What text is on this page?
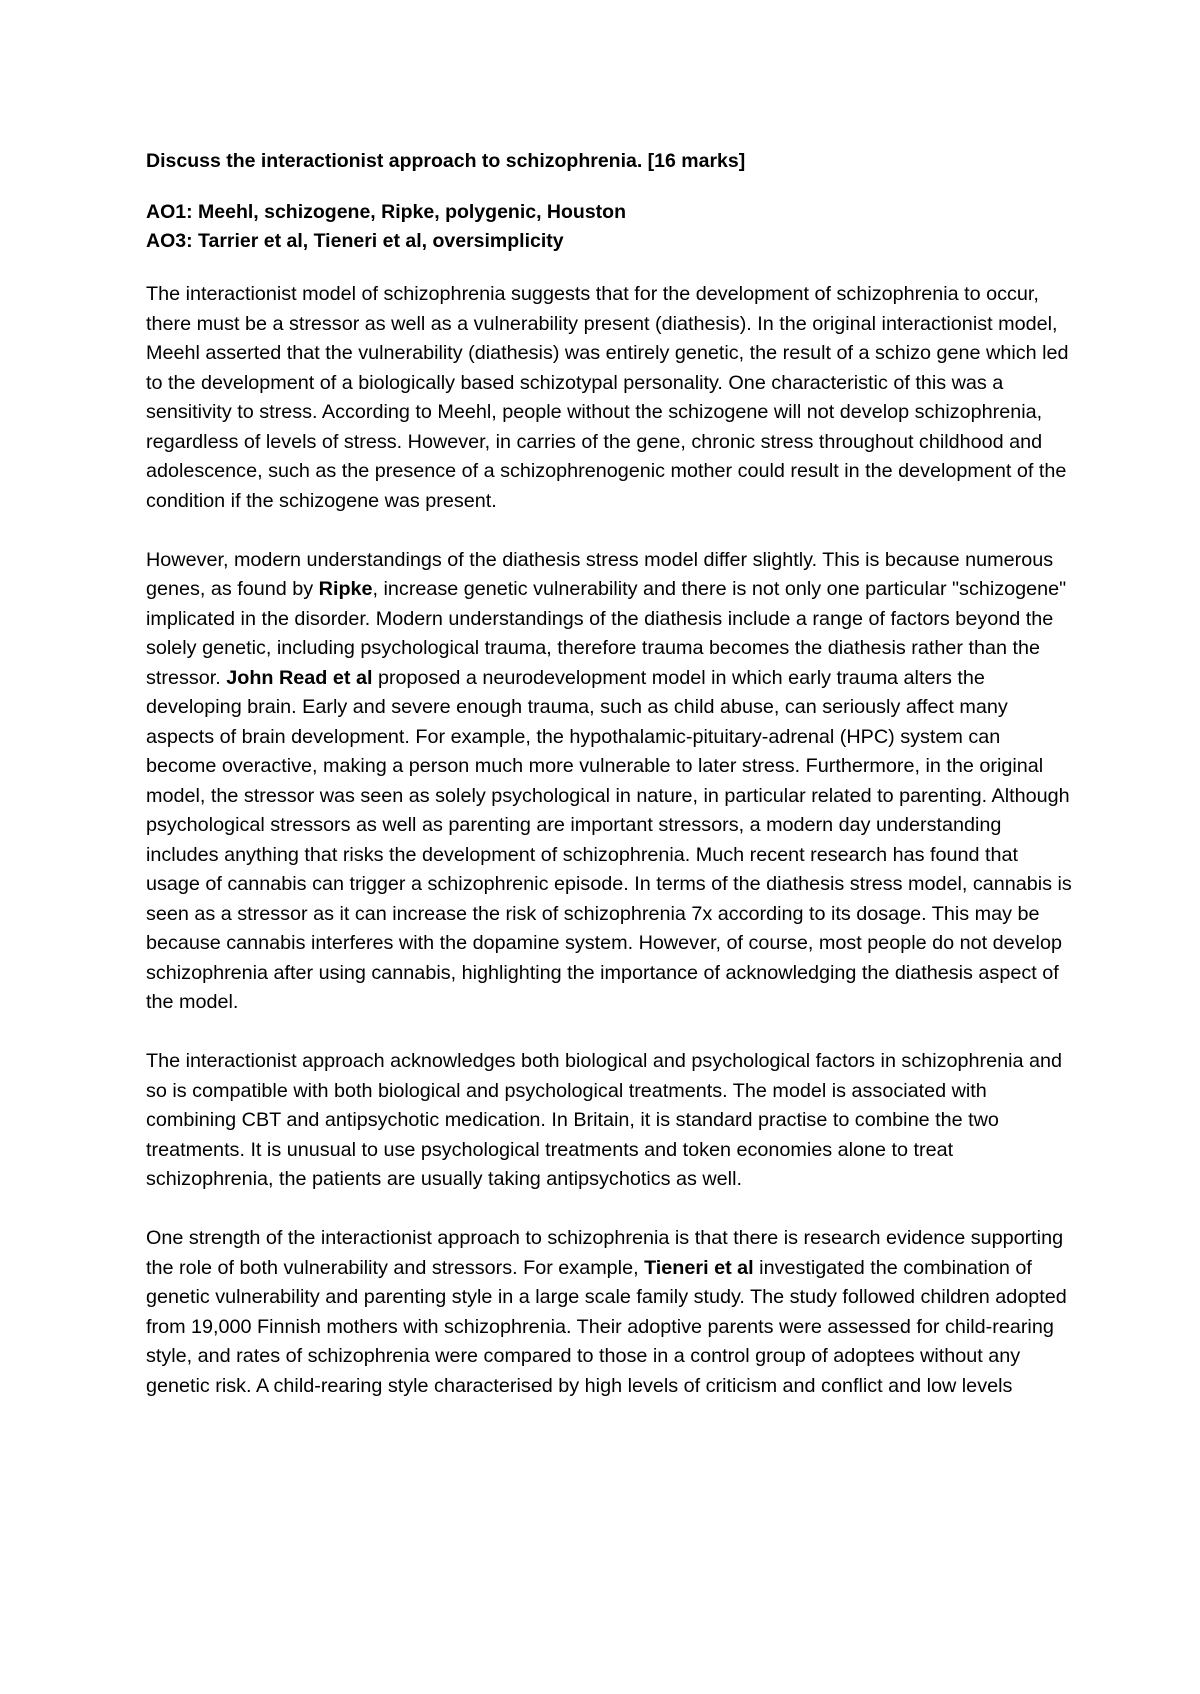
Discuss the interactionist approach to schizophrenia. [16 marks]
AO1: Meehl, schizogene, Ripke, polygenic, Houston
AO3: Tarrier et al, Tieneri et al, oversimplicity

The interactionist model of schizophrenia suggests that for the development of schizophrenia to occur, there must be a stressor as well as a vulnerability present (diathesis). In the original interactionist model, Meehl asserted that the vulnerability (diathesis) was entirely genetic, the result of a schizo gene which led to the development of a biologically based schizotypal personality. One characteristic of this was a sensitivity to stress. According to Meehl, people without the schizogene will not develop schizophrenia, regardless of levels of stress. However, in carries of the gene, chronic stress throughout childhood and adolescence, such as the presence of a schizophrenogenic mother could result in the development of the condition if the schizogene was present.

However, modern understandings of the diathesis stress model differ slightly. This is because numerous genes, as found by Ripke, increase genetic vulnerability and there is not only one particular "schizogene" implicated in the disorder. Modern understandings of the diathesis include a range of factors beyond the solely genetic, including psychological trauma, therefore trauma becomes the diathesis rather than the stressor. John Read et al proposed a neurodevelopment model in which early trauma alters the developing brain. Early and severe enough trauma, such as child abuse, can seriously affect many aspects of brain development. For example, the hypothalamic-pituitary-adrenal (HPC) system can become overactive, making a person much more vulnerable to later stress. Furthermore, in the original model, the stressor was seen as solely psychological in nature, in particular related to parenting. Although psychological stressors as well as parenting are important stressors, a modern day understanding includes anything that risks the development of schizophrenia. Much recent research has found that usage of cannabis can trigger a schizophrenic episode. In terms of the diathesis stress model, cannabis is seen as a stressor as it can increase the risk of schizophrenia 7x according to its dosage. This may be because cannabis interferes with the dopamine system. However, of course, most people do not develop schizophrenia after using cannabis, highlighting the importance of acknowledging the diathesis aspect of the model.

The interactionist approach acknowledges both biological and psychological factors in schizophrenia and so is compatible with both biological and psychological treatments. The model is associated with combining CBT and antipsychotic medication. In Britain, it is standard practise to combine the two treatments. It is unusual to use psychological treatments and token economies alone to treat schizophrenia, the patients are usually taking antipsychotics as well.

One strength of the interactionist approach to schizophrenia is that there is research evidence supporting the role of both vulnerability and stressors. For example, Tieneri et al investigated the combination of genetic vulnerability and parenting style in a large scale family study. The study followed children adopted from 19,000 Finnish mothers with schizophrenia. Their adoptive parents were assessed for child-rearing style, and rates of schizophrenia were compared to those in a control group of adoptees without any genetic risk. A child-rearing style characterised by high levels of criticism and conflict and low levels
